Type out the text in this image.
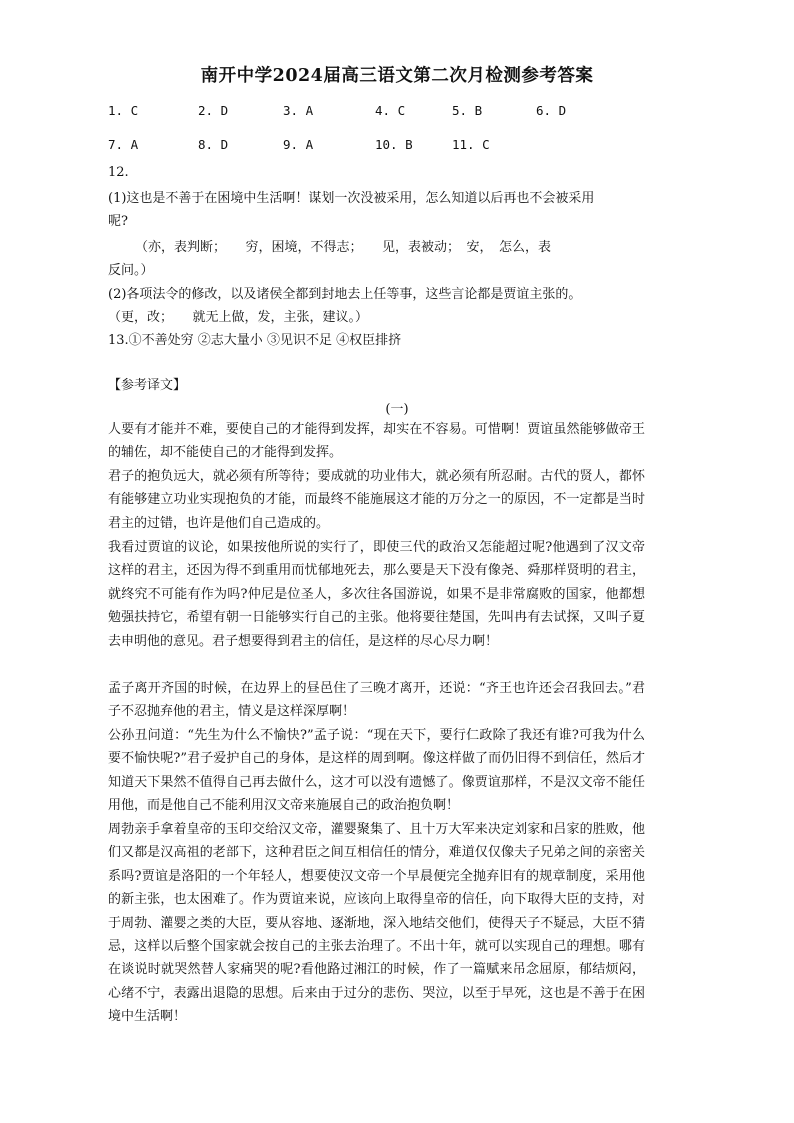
南开中学2024届高三语文第二次月检测参考答案
1. C	2. D	3. A	4. C	5. B	6. D
7. A	8. D	9. A	10. B	11. C
12.
(1)这也是不善于在困境中生活啊！谋划一次没被采用，怎么知道以后再也不会被采用
呢?
（亦，表判断；　　穷，困境，不得志；　　见，表被动；　安，　怎么，表
反问。）
(2)各项法令的修改，以及诸侯全都到封地去上任等事，这些言论都是贾谊主张的。
（更，改；　　就无上做，发，主张，建议。）
13.①不善处穷 ②志大量小 ③见识不足 ④权臣排挤
【参考译文】
(一)

人要有才能并不难，要使自己的才能得到发挥，却实在不容易。可惜啊！贾谊虽然能够做帝王的辅佐，却不能使自己的才能得到发挥。

君子的抱负远大，就必须有所等待；要成就的功业伟大，就必须有所忍耐。古代的贤人，都怀有能够建立功业实现抱负的才能，而最终不能施展这才能的万分之一的原因，不一定都是当时君主的过错，也许是他们自己造成的。

我看过贾谊的议论，如果按他所说的实行了，即使三代的政治又怎能超过呢?他遇到了汉文帝这样的君主，还因为得不到重用而忧郁地死去，那么要是天下没有像尧、舜那样贤明的君主，就终究不可能有作为吗?仲尼是位圣人，多次往各国游说，如果不是非常腐败的国家，他都想勉强扶持它，希望有朝一日能够实行自己的主张。他将要往楚国，先叫冉有去试探，又叫子夏去申明他的意见。君子想要得到君主的信任，是这样的尽心尽力啊！

孟子离开齐国的时候，在边界上的昼邑住了三晚才离开，还说：“齐王也许还会召我回去。”君子不忍抛弃他的君主，情义是这样深厚啊！

公孙丑问道：“先生为什么不愉快?”孟子说：“现在天下，要行仁政除了我还有谁?可我为什么要不愉快呢?”君子爱护自己的身体，是这样的周到啊。像这样做了而仍旧得不到信任，然后才知道天下果然不值得自己再去做什么，这才可以没有遗憾了。像贾谊那样，不是汉文帝不能任用他，而是他自己不能利用汉文帝来施展自己的政治抱负啊！

周勃亲手拿着皇帝的玉印交给汉文帝，灌婴聚集了、且十万大军来决定刘家和吕家的胜败，他们又都是汉高祖的老部下，这种君臣之间互相信任的情分，难道仅仅像夫子兄弟之间的亲密关系吗?贾谊是洛阳的一个年轻人，想要使汉文帝一个早晨便完全抛弃旧有的规章制度，采用他的新主张，也太困难了。作为贾谊来说，应该向上取得皇帝的信任，向下取得大臣的支持，对于周勃、灌婴之类的大臣，要从容地、逐渐地，深入地结交他们，使得天子不疑忌，大臣不猜忌，这样以后整个国家就会按自己的主张去治理了。不出十年，就可以实现自己的理想。哪有在谈说时就哭然替人家痛哭的呢?看他路过湘江的时候，作了一篇赋来吊念屈原，郁结烦闷，心绪不宁，表露出退隐的思想。后来由于过分的悲伤、哭泣，以至于早死，这也是不善于在困境中生活啊！
